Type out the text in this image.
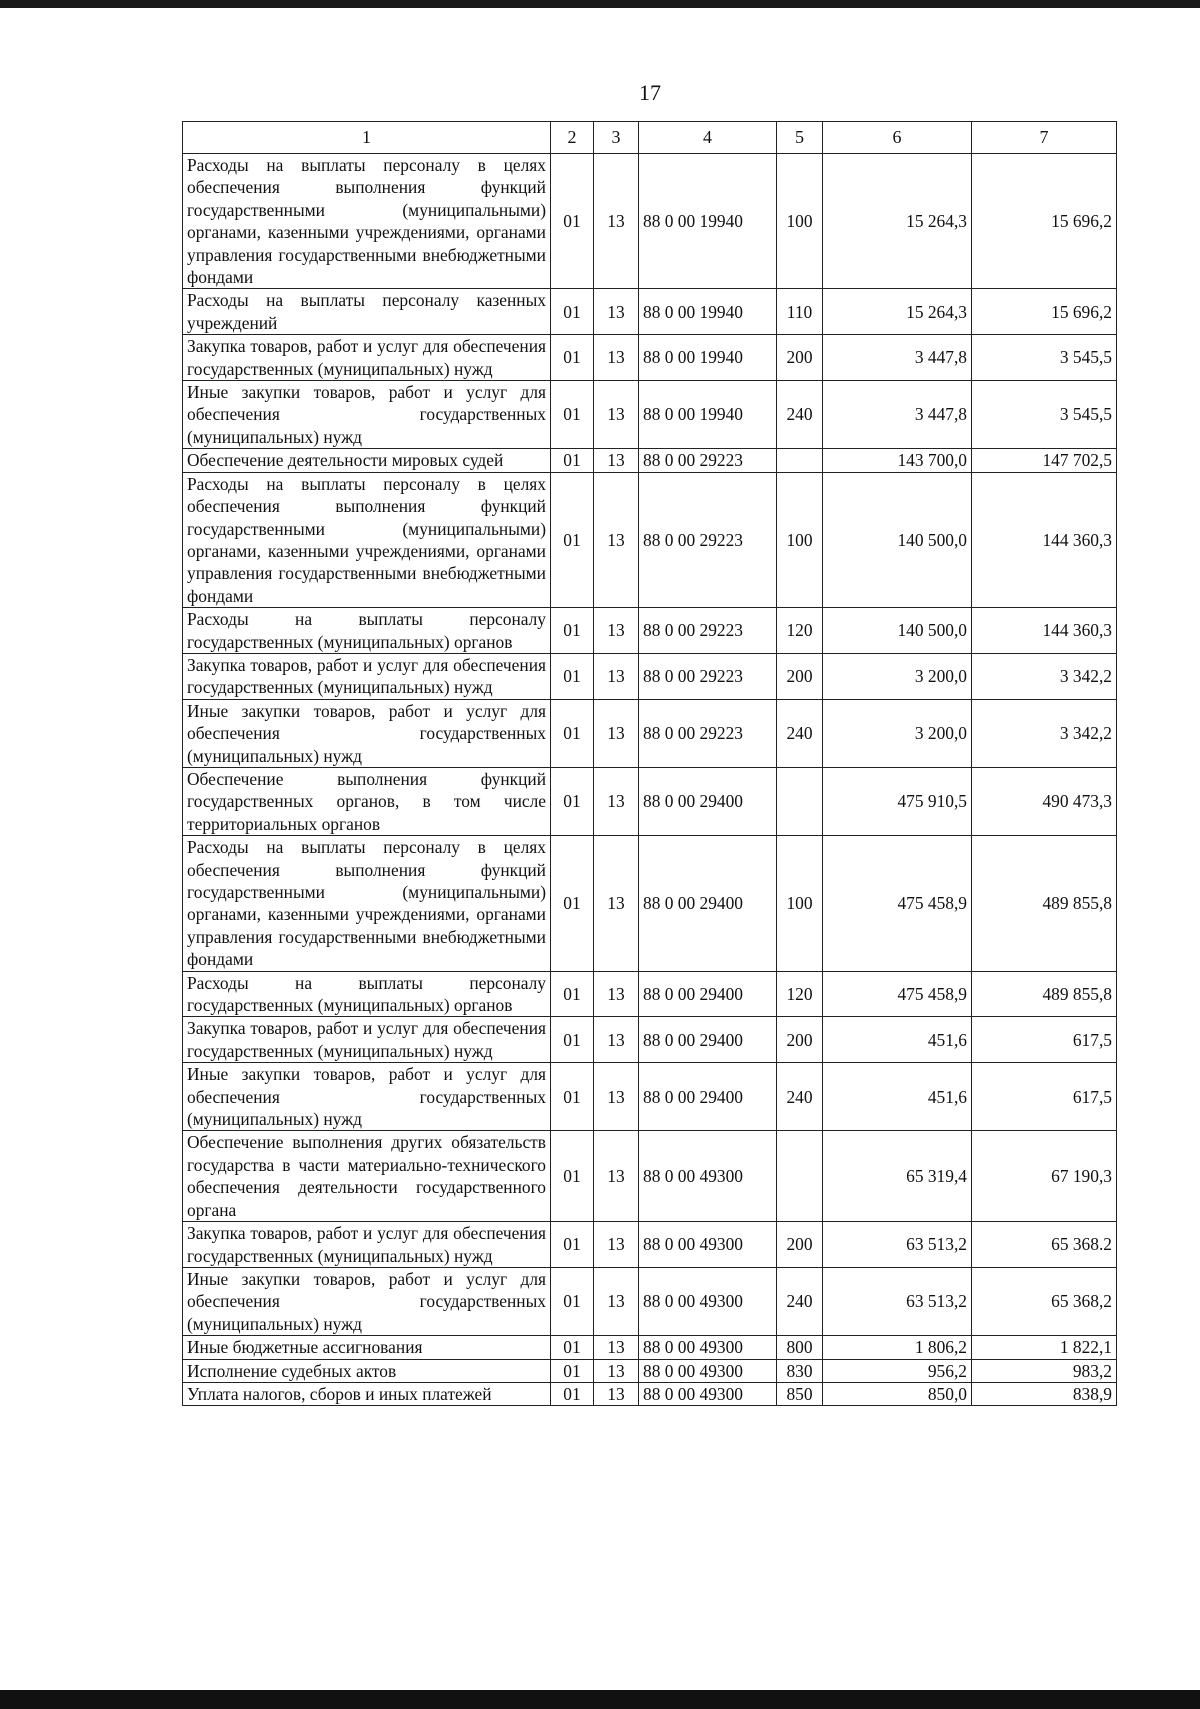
17
1	2	3	4	5	6	7
Расходы на выплаты персоналу в целях обеспечения выполнения функций государственными (муниципальными) органами, казенными учреждениями, органами управления государственными внебюджетными фондами	01	13	88 0 00 19940	100	15 264,3	15 696,2
Расходы на выплаты персоналу казенных учреждений	01	13	88 0 00 19940	110	15 264,3	15 696,2
Закупка товаров, работ и услуг для обеспечения государственных (муниципальных) нужд	01	13	88 0 00 19940	200	3 447,8	3 545,5
Иные закупки товаров, работ и услуг для обеспечения государственных (муниципальных) нужд	01	13	88 0 00 19940	240	3 447,8	3 545,5
Обеспечение деятельности мировых судей	01	13	88 0 00 29223		143 700,0	147 702,5
Расходы на выплаты персоналу в целях обеспечения выполнения функций государственными (муниципальными) органами, казенными учреждениями, органами управления государственными внебюджетными фондами	01	13	88 0 00 29223	100	140 500,0	144 360,3
Расходы на выплаты персоналу государственных (муниципальных) органов	01	13	88 0 00 29223	120	140 500,0	144 360,3
Закупка товаров, работ и услуг для обеспечения государственных (муниципальных) нужд	01	13	88 0 00 29223	200	3 200,0	3 342,2
Иные закупки товаров, работ и услуг для обеспечения государственных (муниципальных) нужд	01	13	88 0 00 29223	240	3 200,0	3 342,2
Обеспечение выполнения функций государственных органов, в том числе территориальных органов	01	13	88 0 00 29400		475 910,5	490 473,3
Расходы на выплаты персоналу в целях обеспечения выполнения функций государственными (муниципальными) органами, казенными учреждениями, органами управления государственными внебюджетными фондами	01	13	88 0 00 29400	100	475 458,9	489 855,8
Расходы на выплаты персоналу государственных (муниципальных) органов	01	13	88 0 00 29400	120	475 458,9	489 855,8
Закупка товаров, работ и услуг для обеспечения государственных (муниципальных) нужд	01	13	88 0 00 29400	200	451,6	617,5
Иные закупки товаров, работ и услуг для обеспечения государственных (муниципальных) нужд	01	13	88 0 00 29400	240	451,6	617,5
Обеспечение выполнения других обязательств государства в части материально-технического обеспечения деятельности государственного органа	01	13	88 0 00 49300		65 319,4	67 190,3
Закупка товаров, работ и услуг для обеспечения государственных (муниципальных) нужд	01	13	88 0 00 49300	200	63 513,2	65 368.2
Иные закупки товаров, работ и услуг для обеспечения государственных (муниципальных) нужд	01	13	88 0 00 49300	240	63 513,2	65 368,2
Иные бюджетные ассигнования	01	13	88 0 00 49300	800	1 806,2	1 822,1
Исполнение судебных актов	01	13	88 0 00 49300	830	956,2	983,2
Уплата налогов, сборов и иных платежей	01	13	88 0 00 49300	850	850,0	838,9
